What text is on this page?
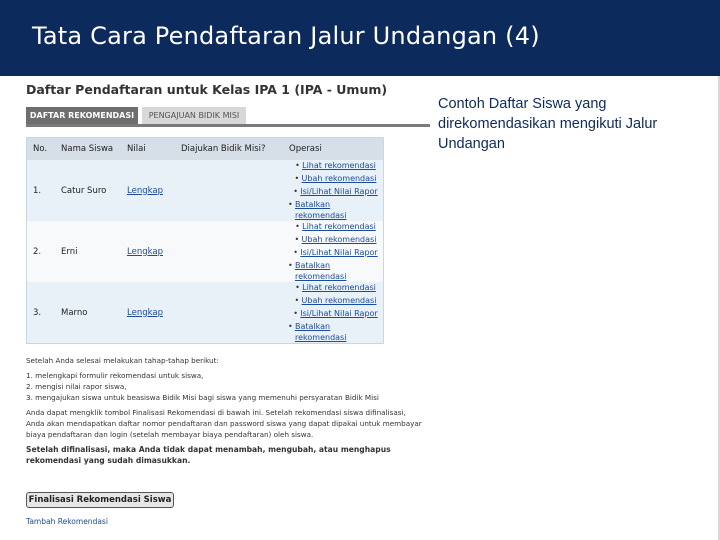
Tata Cara Pendaftaran Jalur Undangan (4)
Contoh Daftar Siswa yang direkomendasikan mengikuti Jalur Undangan
Daftar Pendaftaran untuk Kelas IPA 1 (IPA - Umum)
DAFTAR REKOMENDASI	PENGAJUAN BIDIK MISI
No.	Nama Siswa	Nilai	Diajukan Bidik Misi?	Operasi
1.	Catur Suro	Lengkap
• Lihat rekomendasi
• Ubah rekomendasi
• Isi/Lihat Nilai Rapor
• Batalkan rekomendasi
2.	Erni	Lengkap
• Lihat rekomendasi
• Ubah rekomendasi
• Isi/Lihat Nilai Rapor
• Batalkan rekomendasi
3.	Marno	Lengkap
• Lihat rekomendasi
• Ubah rekomendasi
• Isi/Lihat Nilai Rapor
• Batalkan rekomendasi
Setelah Anda selesai melakukan tahap-tahap berikut:
1. melengkapi formulir rekomendasi untuk siswa,
2. mengisi nilai rapor siswa,
3. mengajukan siswa untuk beasiswa Bidik Misi bagi siswa yang memenuhi persyaratan Bidik Misi
Anda dapat mengklik tombol Finalisasi Rekomendasi di bawah ini. Setelah rekomendasi siswa difinalisasi, Anda akan mendapatkan daftar nomor pendaftaran dan password siswa yang dapat dipakai untuk membayar biaya pendaftaran dan login (setelah membayar biaya pendaftaran) oleh siswa.
Setelah difinalisasi, maka Anda tidak dapat menambah, mengubah, atau menghapus rekomendasi yang sudah dimasukkan.
Finalisasi Rekomendasi Siswa
Tambah Rekomendasi
